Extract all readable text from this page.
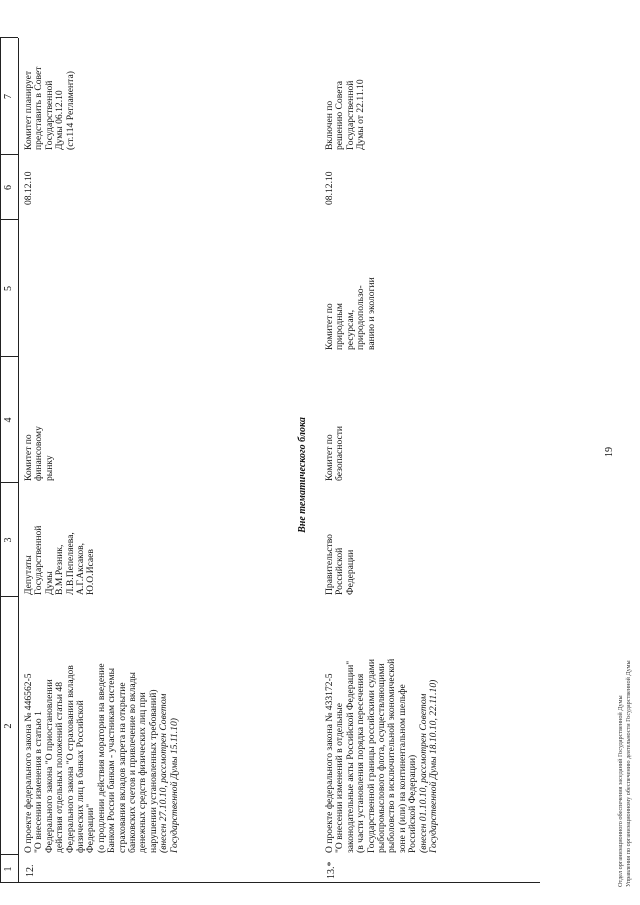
19
1
2
3
4
5
6
7
12.
О проекте федерального закона № 446562-5 "О внесении изменения в статью 1 Федерального закона "О приостановлении действия отдельных положений статьи 48 Федерального закона "О страховании вкладов физических лиц в банках Российской Федерации" (о продлении действия моратория на введение Банком России банкам - участникам системы страхования вкладов запрета на открытие банковских счетов и привлечение во вклады денежных средств физических лиц при нарушении установленных требований) (внесен 27.10.10, рассмотрен Советом Государственной Думы 15.11.10)
Депутаты Государственной Думы В.М.Резник, Л.В.Пепеляева, А.Г.Аксаков, Ю.О.Исаев
Комитет по финансовому рынку
08.12.10
Комитет планирует представить в Совет Государственной Думы 06.12.10 (ст.114 Регламента)
Вне тематического блока
13.*
О проекте федерального закона № 433172-5 "О внесении изменений в отдельные законодательные акты Российской Федерации" (в части установления порядка пересечения Государственной границы российскими судами рыбопромыслового флота, осуществляющими рыболовство в исключительной экономической зоне и (или) на континентальном шельфе Российской Федерации) (внесен 01.10.10, рассмотрен Советом Государственной Думы 18.10.10, 22.11.10)
Правительство Российской Федерации
Комитет по безопасности
Комитет по природным ресурсам, природопользо- ванию и экологии
08.12.10
Включен по решению Совета Государственной Думы от 22.11.10
Отдел организационного обеспечения заседаний Государственной Думы Управления по организационному обеспечению деятельности Государственной Думы
